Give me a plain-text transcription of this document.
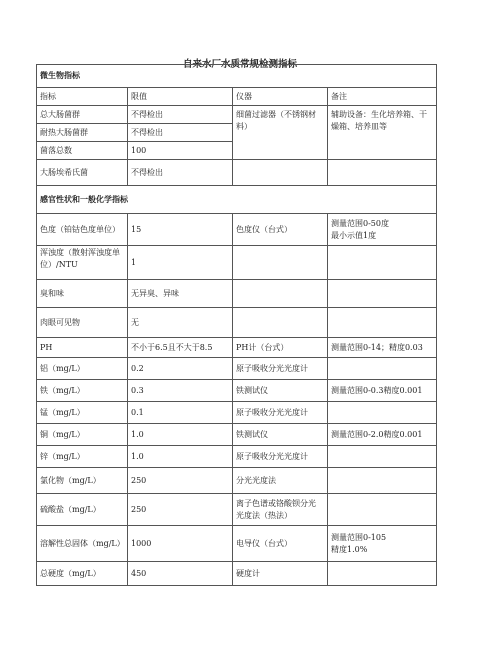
自来水厂水质常规检测指标
微生物指标			
指标	限值	仪器	备注
总大肠菌群	不得检出	细菌过滤器（不锈钢材料）	辅助设备：生化培养箱、干燥箱、培养皿等
耐热大肠菌群	不得检出		
菌落总数	100		
大肠埃希氏菌	不得检出		
感官性状和一般化学指标			
色度（铂钴色度单位）	15	色度仪（台式）	测量范围0-50度
最小示值1度

浑浊度（散射浑浊度单
位）/NTU	1		
臭和味	无异臭、异味		
肉眼可见物	无		
PH	不小于6.5且不大于8.5	PH计（台式）	测量范围0-14；精度0.03
铝（mg/L）	0.2	原子吸收分光光度计	
铁（mg/L）	0.3	铁测试仪	测量范围0-0.3精度0.001
锰（mg/L）	0.1	原子吸收分光光度计	
铜（mg/L）	1.0	铁测试仪	测量范围0-2.0精度0.001
锌（mg/L）	1.0	原子吸收分光光度计	
氯化物（mg/L）	250	分光光度法	
硫酸盐（mg/L）	250	离子色谱或铬酸钡分光
光度法（热法）	

溶解性总固体（mg/L）	1000	电导仪（台式）	测量范围0-105
精度1.0%

总硬度（mg/L）	450	硬度计	
